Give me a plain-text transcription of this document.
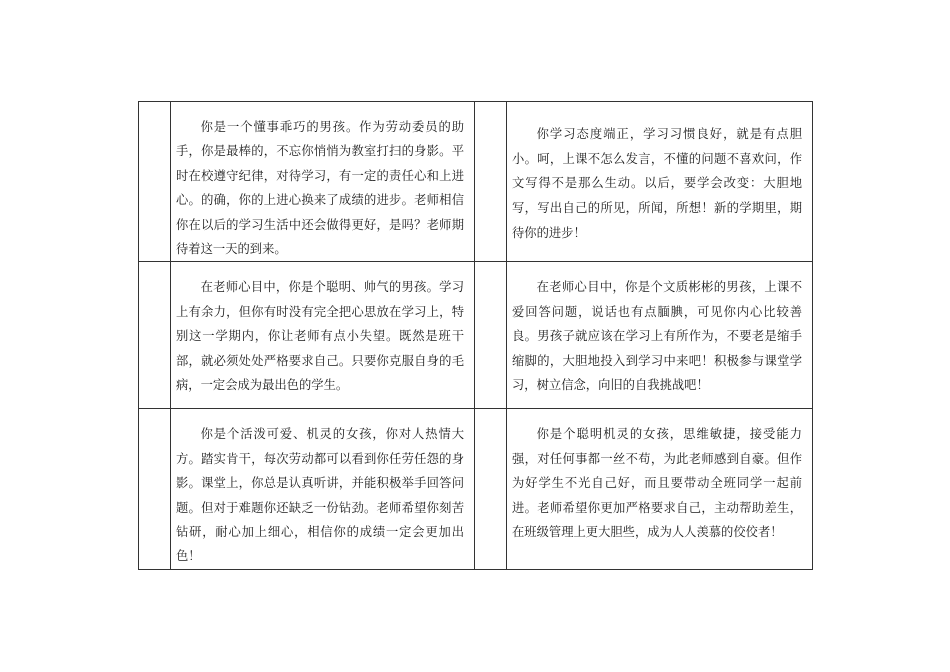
	你是一个懂事乖巧的男孩。作为劳动委员的助手，你是最棒的，不忘你悄悄为教室打扫的身影。平时在校遵守纪律，对待学习，有一定的责任心和上进心。的确，你的上进心换来了成绩的进步。老师相信你在以后的学习生活中还会做得更好，是吗？老师期待着这一天的到来。		你学习态度端正，学习习惯良好，就是有点胆小。呵，上课不怎么发言，不懂的问题不喜欢问，作文写得不是那么生动。以后，要学会改变：大胆地写，写出自己的所见，所闻，所想！新的学期里，期待你的进步！

	在老师心目中，你是个聪明、帅气的男孩。学习上有余力，但你有时没有完全把心思放在学习上，特别这一学期内，你让老师有点小失望。既然是班干部，就必须处处严格要求自己。只要你克服自身的毛病，一定会成为最出色的学生。		在老师心目中，你是个文质彬彬的男孩，上课不爱回答问题，说话也有点腼腆，可见你内心比较善良。男孩子就应该在学习上有所作为，不要老是缩手缩脚的，大胆地投入到学习中来吧！积极参与课堂学习，树立信念，向旧的自我挑战吧！

	你是个活泼可爱、机灵的女孩，你对人热情大方。踏实肯干，每次劳动都可以看到你任劳任怨的身影。课堂上，你总是认真听讲，并能积极举手回答问题。但对于难题你还缺乏一份钻劲。老师希望你刻苦钻研，耐心加上细心，相信你的成绩一定会更加出色！		你是个聪明机灵的女孩，思维敏捷，接受能力强，对任何事都一丝不苟，为此老师感到自豪。但作为好学生不光自己好，而且要带动全班同学一起前进。老师希望你更加严格要求自己，主动帮助差生，在班级管理上更大胆些，成为人人羡慕的佼佼者！
